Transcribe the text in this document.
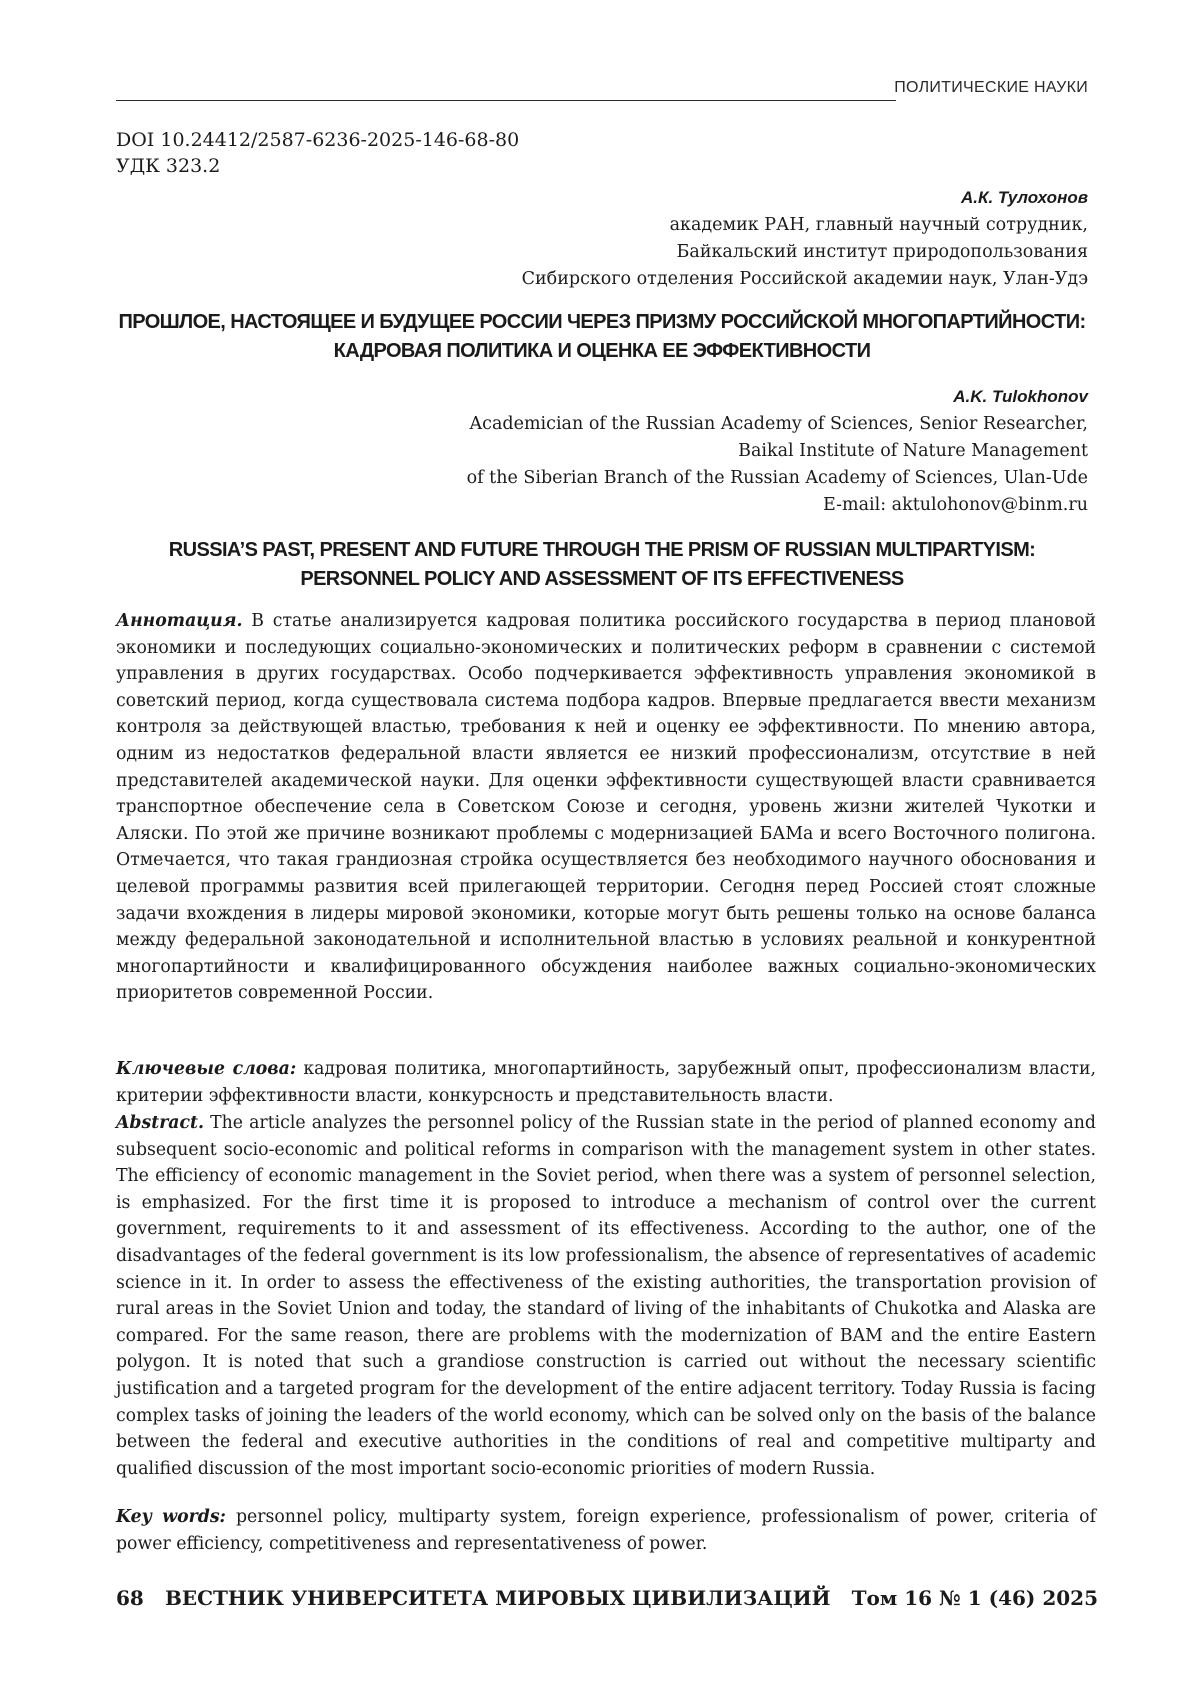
ПОЛИТИЧЕСКИЕ НАУКИ
DOI 10.24412/2587-6236-2025-146-68-80
УДК 323.2
А.К. Тулохонов
академик РАН, главный научный сотрудник,
Байкальский институт природопользования
Сибирского отделения Российской академии наук, Улан-Удэ
ПРОШЛОЕ, НАСТОЯЩЕЕ И БУДУЩЕЕ РОССИИ ЧЕРЕЗ ПРИЗМУ РОССИЙСКОЙ МНОГОПАРТИЙНОСТИ:
КАДРОВАЯ ПОЛИТИКА И ОЦЕНКА ЕЕ ЭФФЕКТИВНОСТИ
A.K. Tulokhonov
Academician of the Russian Academy of Sciences, Senior Researcher,
Baikal Institute of Nature Management
of the Siberian Branch of the Russian Academy of Sciences, Ulan-Ude
E-mail: aktulohonov@binm.ru
RUSSIA’S PAST, PRESENT AND FUTURE THROUGH THE PRISM OF RUSSIAN MULTIPARTYISM:
PERSONNEL POLICY AND ASSESSMENT OF ITS EFFECTIVENESS
Аннотация. В статье анализируется кадровая политика российского государства в период плановой экономики и последующих социально-экономических и политических реформ в сравнении с системой управления в других государствах. Особо подчеркивается эффективность управления экономикой в советский период, когда существовала система подбора кадров. Впервые предлагается ввести механизм контроля за действующей властью, требования к ней и оценку ее эффективности. По мнению автора, одним из недостатков федеральной власти является ее низкий профессионализм, отсутствие в ней представителей академической науки. Для оценки эффективности существующей власти сравнивается транспортное обеспечение села в Советском Союзе и сегодня, уровень жизни жителей Чукотки и Аляски. По этой же причине возникают проблемы с модернизацией БАМа и всего Восточного полигона. Отмечается, что такая грандиозная стройка осуществляется без необходимого научного обоснования и целевой программы развития всей прилегающей территории. Сегодня перед Россией стоят сложные задачи вхождения в лидеры мировой экономики, которые могут быть решены только на основе баланса между федеральной законодательной и исполнительной властью в условиях реальной и конкурентной многопартийности и квалифицированного обсуждения наиболее важных социально-экономических приоритетов современной России.
Ключевые слова: кадровая политика, многопартийность, зарубежный опыт, профессионализм власти, критерии эффективности власти, конкурсность и представительность власти.
Abstract. The article analyzes the personnel policy of the Russian state in the period of planned economy and subsequent socio-economic and political reforms in comparison with the management system in other states. The efficiency of economic management in the Soviet period, when there was a system of personnel selection, is emphasized. For the first time it is proposed to introduce a mechanism of control over the current government, requirements to it and assessment of its effectiveness. According to the author, one of the disadvantages of the federal government is its low professionalism, the absence of representatives of academic science in it. In order to assess the effectiveness of the existing authorities, the transportation provision of rural areas in the Soviet Union and today, the standard of living of the inhabitants of Chukotka and Alaska are compared. For the same reason, there are problems with the modernization of BAM and the entire Eastern polygon. It is noted that such a grandiose construction is carried out without the necessary scientific justification and a targeted program for the development of the entire adjacent territory. Today Russia is facing complex tasks of joining the leaders of the world economy, which can be solved only on the basis of the balance between the federal and executive authorities in the conditions of real and competitive multiparty and qualified discussion of the most important socio-economic priorities of modern Russia.
Key words: personnel policy, multiparty system, foreign experience, professionalism of power, criteria of power efficiency, competitiveness and representativeness of power.
68 ВЕСТНИК УНИВЕРСИТЕТА МИРОВЫХ ЦИВИЛИЗАЦИЙ Том 16 № 1 (46) 2025
